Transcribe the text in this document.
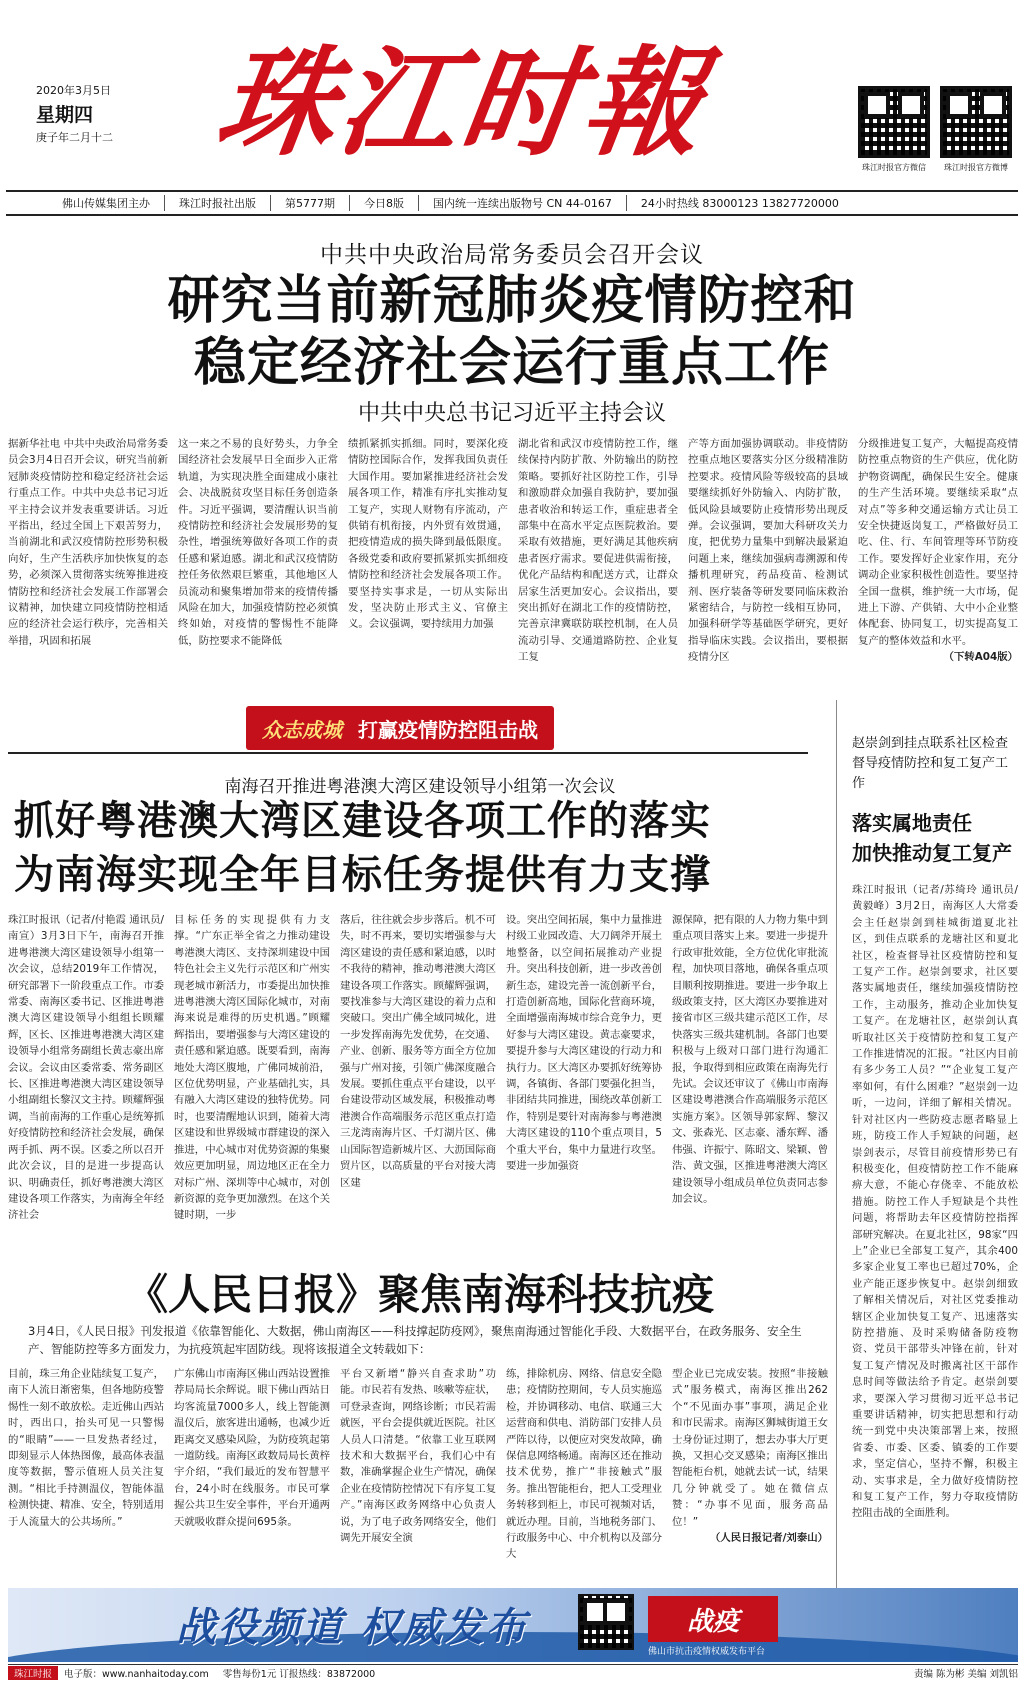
2020年3月5日
星期四
庚子年二月十二 珠江时報	珠江时报官方微信	珠江时报官方微博
佛山传媒集团主办	珠江时报社出版	第5777期	今日8版	国内统一连续出版物号 CN 44-0167	24小时热线 83000123 13827720000
中共中央政治局常务委员会召开会议
研究当前新冠肺炎疫情防控和
稳定经济社会运行重点工作
中共中央总书记习近平主持会议
据新华社电 中共中央政治局常务委员会3月4日召开会议，研究当前新冠肺炎疫情防控和稳定经济社会运行重点工作。中共中央总书记习近平主持会议并发表重要讲话。习近平指出，经过全国上下艰苦努力，当前湖北和武汉疫情防控形势积极向好，生产生活秩序加快恢复的态势，必须深入贯彻落实统筹推进疫情防控和经济社会发展工作部署会议精神，加快建立同疫情防控相适应的经济社会运行秩序，完善相关举措，巩固和拓展
这一来之不易的良好势头，力争全国经济社会发展早日全面步入正常轨道，为实现决胜全面建成小康社会、决战脱贫攻坚目标任务创造条件。习近平强调，要清醒认识当前疫情防控和经济社会发展形势的复杂性，增强统筹做好各项工作的责任感和紧迫感。湖北和武汉疫情防控任务依然艰巨繁重，其他地区人员流动和聚集增加带来的疫情传播风险在加大，加强疫情防控必须慎终如始，对疫情的警惕性不能降低，防控要求不能降低
绩抓紧抓实抓细。同时，要深化疫情防控国际合作，发挥我国负责任大国作用。要加紧推进经济社会发展各项工作，精准有序扎实推动复工复产，实现人财物有序流动，产供销有机衔接，内外贸有效贯通，把疫情造成的损失降到最低限度。各级党委和政府要抓紧抓实抓细疫情防控和经济社会发展各项工作。要坚持实事求是，一切从实际出发，坚决防止形式主义、官僚主义。会议强调，要持续用力加强
湖北省和武汉市疫情防控工作，继续保持内防扩散、外防输出的防控策略。要抓好社区防控工作，引导和激励群众加强自我防护，要加强患者收治和转运工作，重症患者全部集中在高水平定点医院救治。要采取有效措施，更好满足其他疾病患者医疗需求。要促进供需衔接，优化产品结构和配送方式，让群众居家生活更加安心。会议指出，要突出抓好在湖北工作的疫情防控，完善京津冀联防联控机制，在人员流动引导、交通道路防控、企业复工复
产等方面加强协调联动。非疫情防控重点地区要落实分区分级精准防控要求。疫情风险等级较高的县域要继续抓好外防输入、内防扩散，低风险县域要防止疫情形势出现反弹。会议强调，要加大科研攻关力度，把优势力量集中到解决最紧迫问题上来，继续加强病毒溯源和传播机理研究，药品疫苗、检测试剂、医疗装备等研发要同临床救治紧密结合，与防控一线相互协同，加强科研学等基础医学研究，更好指导临床实践。会议指出，要根据疫情分区
分级推进复工复产，大幅提高疫情防控重点物资的生产供应，优化防护物资调配，确保民生安全。健康的生产生活环境。要继续采取“点对点”等多种交通运输方式让员工安全快捷返岗复工，严格做好员工吃、住、行、车间管理等环节防疫工作。要发挥好企业家作用，充分调动企业家积极性创造性。要坚持全国一盘棋，维护统一大市场，促进上下游、产供销、大中小企业整体配套、协同复工，切实提高复工复产的整体效益和水平。
（下转A04版）
众志成城 打赢疫情防控阻击战
南海召开推进粤港澳大湾区建设领导小组第一次会议
抓好粤港澳大湾区建设各项工作的落实
为南海实现全年目标任务提供有力支撑
珠江时报讯（记者/付艳霞 通讯员/南宣）3月3日下午，南海召开推进粤港澳大湾区建设领导小组第一次会议，总结2019年工作情况，研究部署下一阶段重点工作。市委常委、南海区委书记、区推进粤港澳大湾区建设领导小组组长顾耀辉，区长、区推进粤港澳大湾区建设领导小组常务副组长黄志豪出席会议。会议由区委常委、常务副区长、区推进粤港澳大湾区建设领导小组副组长黎汉文主持。顾耀辉强调，当前南海的工作重心是统筹抓好疫情防控和经济社会发展，确保两手抓、两不误。区委之所以召开此次会议，目的是进一步提高认识、明确责任，抓好粤港澳大湾区建设各项工作落实，为南海全年经济社会
目标任务的实现提供有力支撑。“广东正举全省之力推动建设粤港澳大湾区、支持深圳建设中国特色社会主义先行示范区和广州实现老城市新活力，市委提出加快推进粤港澳大湾区国际化城市，对南海来说是难得的历史机遇。”顾耀辉指出，要增强参与大湾区建设的责任感和紧迫感。既要看到，南海地处大湾区腹地，广佛同城前沿，区位优势明显，产业基础扎实，具有融入大湾区建设的独特优势。同时，也要清醒地认识到，随着大湾区建设和世界级城市群建设的深入推进，中心城市对优势资源的集聚效应更加明显，周边地区正在全力对标广州、深圳等中心城市，对创新资源的竞争更加激烈。在这个关键时期，一步
落后，往往就会步步落后。机不可失，时不再来，要切实增强参与大湾区建设的责任感和紧迫感，以时不我待的精神，推动粤港澳大湾区建设各项工作落实。顾耀辉强调，要找准参与大湾区建设的着力点和突破口。突出广佛全域同城化，进一步发挥南海先发优势，在交通、产业、创新、服务等方面全方位加强与广州对接，引领广佛深度融合发展。要抓住重点平台建设，以平台建设带动区域发展，积极推动粤港澳合作高端服务示范区重点打造三龙湾南海片区、千灯湖片区、佛山国际智造新城片区、大沥国际商贸片区，以高质量的平台对接大湾区建
设。突出空间拓展，集中力量推进村级工业园改造、大刀阔斧开展土地整备，以空间拓展推动产业提升。突出科技创新，进一步改善创新生态，建设完善一流创新平台，打造创新高地，国际化营商环境，全面增强南海城市综合竞争力，更好参与大湾区建设。黄志豪要求，要提升参与大湾区建设的行动力和执行力。区大湾区办要抓好统筹协调，各镇街、各部门要强化担当，非团结共同推进，围绕改革创新工作，特别是要针对南海参与粤港澳大湾区建设的110个重点项目，5个重大平台，集中力量进行攻坚。要进一步加强资
源保障，把有限的人力物力集中到重点项目落实上来。要进一步提升行政审批效能，全方位优化审批流程，加快项目落地，确保各重点项目顺利按期推进。要进一步争取上级政策支持，区大湾区办要推进对接省市区三级共建示范区工作，尽快落实三级共建机制。各部门也要积极与上级对口部门进行沟通汇报，争取得到相应政策在南海先行先试。会议还审议了《佛山市南海区建设粤港澳合作高端服务示范区实施方案》。区领导郭家辉、黎汉文、张森光、区志豪、潘东辉、潘伟强、许振宁、陈昭文、梁颖、曾浩、黄文强，区推进粤港澳大湾区建设领导小组成员单位负责同志参加会议。
赵崇剑到挂点联系社区检查督导疫情防控和复工复产工作
落实属地责任
加快推动复工复产
珠江时报讯（记者/苏绮玲 通讯员/黄毅峰）3月2日，南海区人大常委会主任赵崇剑到桂城街道夏北社区，到佳点联系的龙塘社区和夏北社区，检查督导社区疫情防控和复工复产工作。赵崇剑要求，社区要落实属地责任，继续加强疫情防控工作，主动服务，推动企业加快复工复产。在龙塘社区，赵崇剑认真听取社区关于疫情防控和复工复产工作推进情况的汇报。“社区内目前有多少务工人员？”“企业复工复产率如何，有什么困难？”赵崇剑一边听，一边问，详细了解相关情况。针对社区内一些防疫志愿者略显上班，防疫工作人手短缺的问题，赵崇剑表示，尽管目前疫情形势已有积极变化，但疫情防控工作不能麻痹大意，不能心存侥幸、不能放松措施。防控工作人手短缺是个共性问题，将帮助去年区疫情防控指挥部研究解决。在夏北社区，98家“四上”企业已全部复工复产，其余400多家企业复工率也已超过70%，企业产能正逐步恢复中。赵崇剑细致了解相关情况后，对社区党委推动辖区企业加快复工复产、迅速落实防控措施、及时采购储备防疫物资、党员干部带头冲锋在前，针对复工复产情况及时搬离社区干部作息时间等做法给予肯定。赵崇剑要求，要深入学习贯彻习近平总书记重要讲话精神，切实把思想和行动统一到党中央决策部署上来，按照省委、市委、区委、镇委的工作要求，坚定信心，坚持不懈，积极主动、实事求是，全力做好疫情防控和复工复产工作，努力夺取疫情防控阻击战的全面胜利。
《人民日报》聚焦南海科技抗疫
3月4日，《人民日报》刊发报道《依靠智能化、大数据，佛山南海区——科技撑起防疫网》，聚焦南海通过智能化手段、大数据平台，在政务服务、安全生产、智能防控等多方面发力，为抗疫筑起牢固防线。现将该报道全文转载如下：
目前，珠三角企业陆续复工复产，南下人流日渐密集，但各地防疫警惕性一刻不敢放松。走近佛山西站时，西出口，抬头可见一只警惕的“眼睛”——一旦发热者经过，即刻显示人体热图像，最高体表温度等数据，警示值班人员关注复测。“相比手持测温仪，智能体温检测快捷、精准、安全，特别适用于人流量大的公共场所。”
广东佛山市南海区佛山西站设置推荐局局长余辉说。眼下佛山西站日均客流量7000多人，线上智能测温仪后，旅客进出通畅，也减少近距离交叉感染风险，为防疫筑起第一道防线。南海区政数局局长黄梓宇介绍，“我们最近的发布智慧平台，24小时在线服务。市民可掌握公共卫生安全事件，平台开通两天就吸收群众提问695条。
平台又新增“静兴自查求助”功能。市民若有发热、咳嗽等症状，可登录查询，网络诊断；市民若需就医，平台会提供就近医院。社区人员人口清楚。“依靠工业互联网技术和大数据平台，我们心中有数，准确掌握企业生产情况，确保企业在疫情防控情况下有序复工复产。”南海区政务网络中心负责人说，为了电子政务网络安全，他们调先开展安全演
练，排除机房、网络、信息安全隐患；疫情防控期间，专人员实施巡检，并协调移动、电信、联通三大运营商和供电、消防部门安排人员严阵以待，以便应对突发故障，确保信息网络畅通。南海区还在推动技术优势，推广“非接触式”服务。推出智能柜台，把人工受理业务转移到柜上，市民可视频对话，就近办理。目前，当地税务部门、行政服务中心、中介机构以及部分大
型企业已完成安装。按照“非接触式”服务模式，南海区推出262个“不见面办事”事项，满足企业和市民需求。南海区狮城街道王女士身份证过期了，想去办事大厅更换，又担心交叉感染；南海区推出智能柜台机，她就去试一试，结果几分钟就受了。她在微信点赞：“办事不见面，服务高品位！”
（人民日报记者/刘泰山）
战役频道 权威发布	战疫
佛山市抗击疫情权威发布平台
珠江时报	电子版：www.nanhaitoday.com 零售每份1元 订报热线：83872000	责编 陈为彬 美编 刘凯铝
